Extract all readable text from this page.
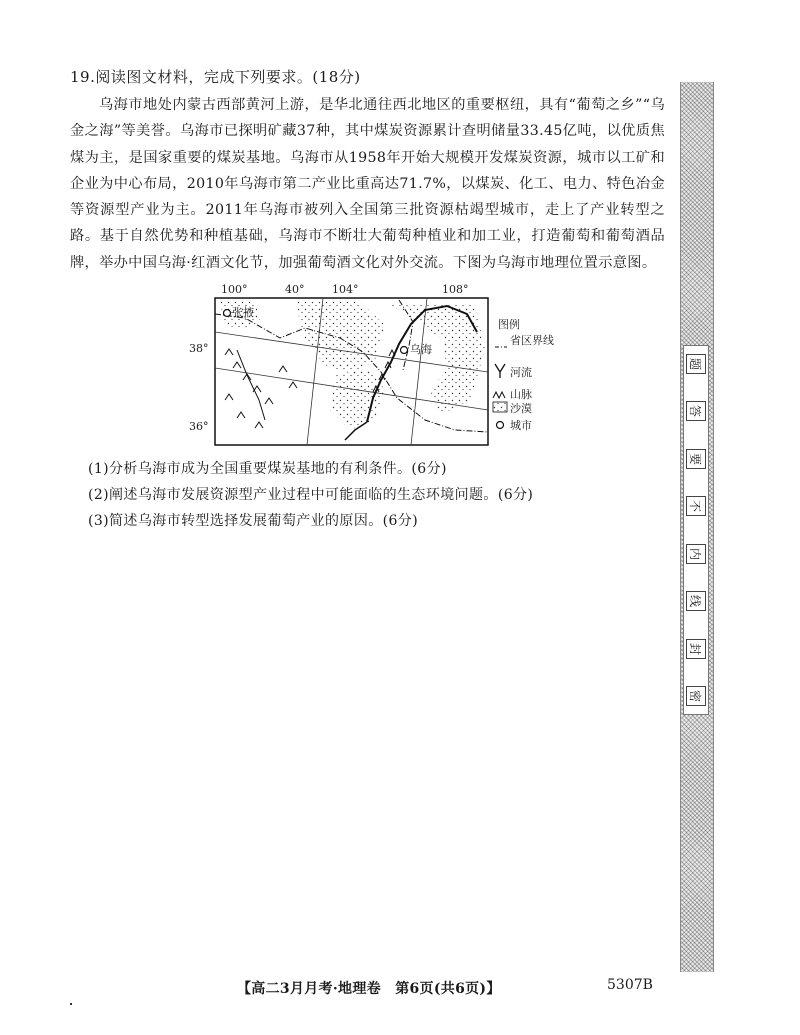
19.阅读图文材料，完成下列要求。(18分)

乌海市地处内蒙古西部黄河上游，是华北通往西北地区的重要枢纽，具有“葡萄之乡”“乌金之海”等美誉。乌海市已探明矿藏37种，其中煤炭资源累计查明储量33.45亿吨，以优质焦煤为主，是国家重要的煤炭基地。乌海市从1958年开始大规模开发煤炭资源，城市以工矿和企业为中心布局，2010年乌海市第二产业比重高达71.7%，以煤炭、化工、电力、特色冶金等资源型产业为主。2011年乌海市被列入全国第三批资源枯竭型城市，走上了产业转型之路。基于自然优势和种植基础，乌海市不断壮大葡萄种植业和加工业，打造葡萄和葡萄酒品牌，举办中国乌海·红酒文化节，加强葡萄酒文化对外交流。下图为乌海市地理位置示意图。

张掖
乌海
100°	40°	104°	108°
38°
36°
图例
省区界线
河流
山脉
沙漠
城市
(1)分析乌海市成为全国重要煤炭基地的有利条件。(6分)
(2)阐述乌海市发展资源型产业过程中可能面临的生态环境问题。(6分)
(3)简述乌海市转型选择发展葡萄产业的原因。(6分)
题
答
要
不
内
线
封
密
【高二3月月考·地理卷　第6页(共6页)】	5307B
